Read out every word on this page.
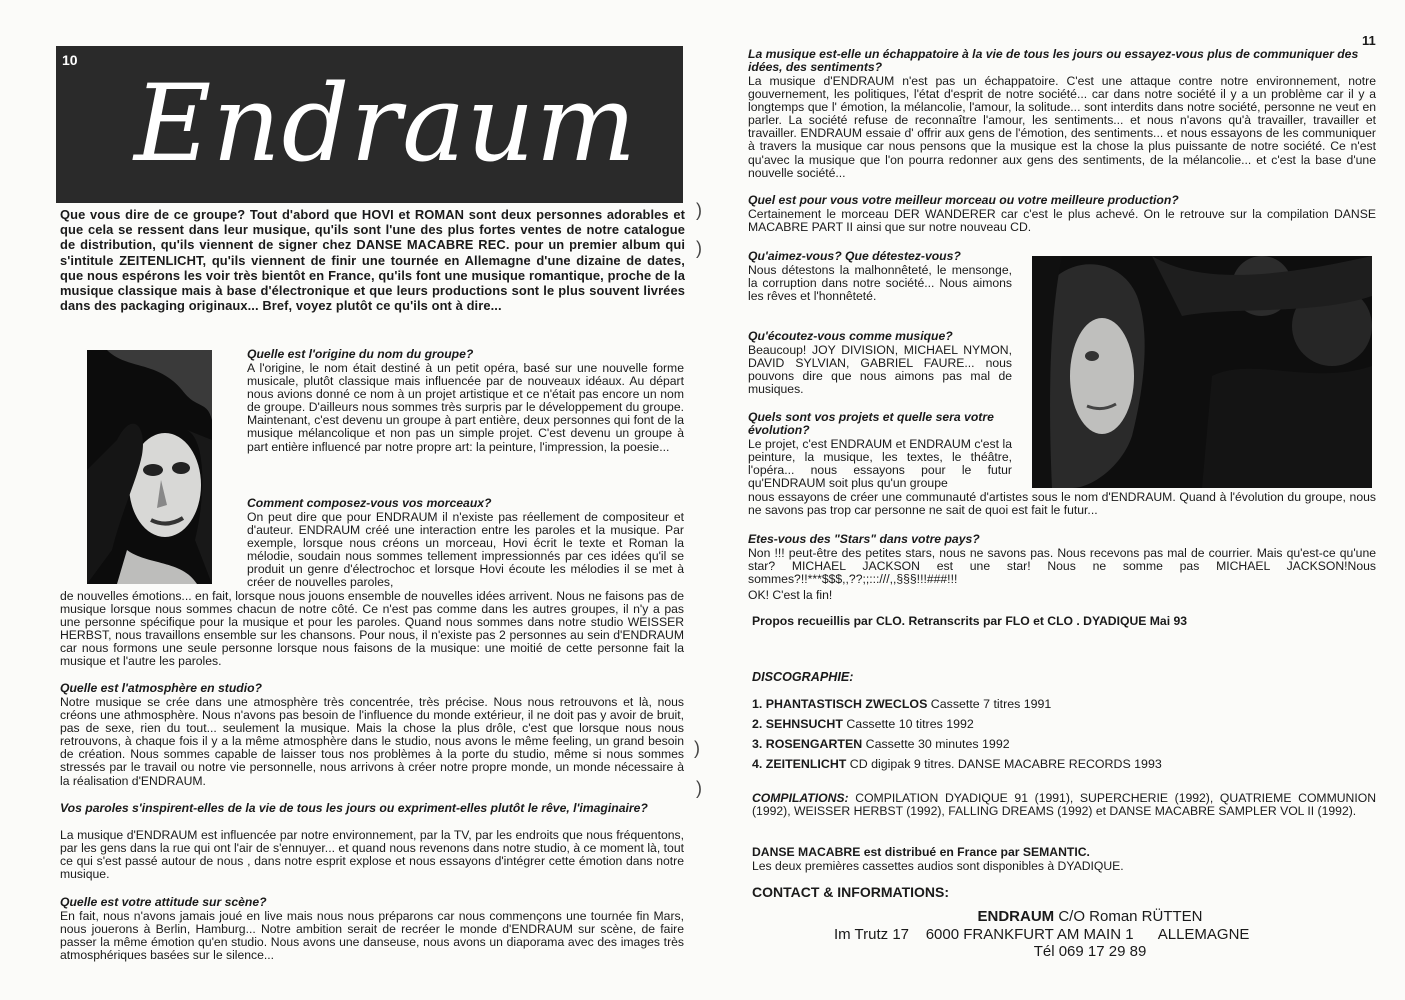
10
Endraum
Que vous dire de ce groupe? Tout d'abord que HOVI et ROMAN sont deux personnes adorables et que cela se ressent dans leur musique, qu'ils sont l'une des plus fortes ventes de notre catalogue de distribution, qu'ils viennent de signer chez DANSE MACABRE REC. pour un premier album qui s'intitule ZEITENLICHT, qu'ils viennent de finir une tournée en Allemagne d'une dizaine de dates, que nous espérons les voir très bientôt en France, qu'ils font une musique romantique, proche de la musique classique mais à base d'électronique et que leurs productions sont le plus souvent livrées dans des packaging originaux... Bref, voyez plutôt ce qu'ils ont à dire...
Quelle est l'origine du nom du groupe?
A l'origine, le nom était destiné à un petit opéra, basé sur une nouvelle forme musicale, plutôt classique mais influencée par de nouveaux idéaux. Au départ nous avions donné ce nom à un projet artistique et ce n'était pas encore un nom de groupe. D'ailleurs nous sommes très surpris par le développement du groupe. Maintenant, c'est devenu un groupe à part entière, deux personnes qui font de la musique mélancolique et non pas un simple projet. C'est devenu un groupe à part entière influencé par notre propre art: la peinture, l'impression, la poesie...
Comment composez-vous vos morceaux?
On peut dire que pour ENDRAUM il n'existe pas réellement de compositeur et d'auteur. ENDRAUM créé une interaction entre les paroles et la musique. Par exemple, lorsque nous créons un morceau, Hovi écrit le texte et Roman la mélodie, soudain nous sommes tellement impressionnés par ces idées qu'il se produit un genre d'électrochoc et lorsque Hovi écoute les mélodies il se met à créer de nouvelles paroles,
de nouvelles émotions... en fait, lorsque nous jouons ensemble de nouvelles idées arrivent. Nous ne faisons pas de musique lorsque nous sommes chacun de notre côté. Ce n'est pas comme dans les autres groupes, il n'y a pas une personne spécifique pour la musique et pour les paroles. Quand nous sommes dans notre studio WEISSER HERBST, nous travaillons ensemble sur les chansons. Pour nous, il n'existe pas 2 personnes au sein d'ENDRAUM car nous formons une seule personne lorsque nous faisons de la musique: une moitié de cette personne fait la musique et l'autre les paroles.
Quelle est l'atmosphère en studio?
Notre musique se crée dans une atmosphère très concentrée, très précise. Nous nous retrouvons et là, nous créons une athmosphère. Nous n'avons pas besoin de l'influence du monde extérieur, il ne doit pas y avoir de bruit, pas de sexe, rien du tout... seulement la musique. Mais la chose la plus drôle, c'est que lorsque nous nous retrouvons, à chaque fois il y a la même atmosphère dans le studio, nous avons le même feeling, un grand besoin de création. Nous sommes capable de laisser tous nos problèmes à la porte du studio, même si nous sommes stressés par le travail ou notre vie personnelle, nous arrivons à créer notre propre monde, un monde nécessaire à la réalisation d'ENDRAUM.
Vos paroles s'inspirent-elles de la vie de tous les jours ou expriment-elles plutôt le rêve, l'imaginaire?
La musique d'ENDRAUM est influencée par notre environnement, par la TV, par les endroits que nous fréquentons, par les gens dans la rue qui ont l'air de s'ennuyer... et quand nous revenons dans notre studio, à ce moment là, tout ce qui s'est passé autour de nous , dans notre esprit explose et nous essayons d'intégrer cette émotion dans notre musique.
Quelle est votre attitude sur scène?
En fait, nous n'avons jamais joué en live mais nous nous préparons car nous commençons une tournée fin Mars, nous jouerons à Berlin, Hamburg... Notre ambition serait de recréer le monde d'ENDRAUM sur scène, de faire passer la même émotion qu'en studio. Nous avons une danseuse, nous avons un diaporama avec des images très atmosphériques basées sur le silence...
)
)
)
)
11
La musique est-elle un échappatoire à la vie de tous les jours ou essayez-vous plus de communiquer des idées, des sentiments?
La musique d'ENDRAUM n'est pas un échappatoire. C'est une attaque contre notre environnement, notre gouvernement, les politiques, l'état d'esprit de notre société... car dans notre société il y a un problème car il y a longtemps que l' émotion, la mélancolie, l'amour, la solitude... sont interdits dans notre société, personne ne veut en parler. La société refuse de reconnaître l'amour, les sentiments... et nous n'avons qu'à travailler, travailler et travailler. ENDRAUM essaie d' offrir aux gens de l'émotion, des sentiments... et nous essayons de les communiquer à travers la musique car nous pensons que la musique est la chose la plus puissante de notre société. Ce n'est qu'avec la musique que l'on pourra redonner aux gens des sentiments, de la mélancolie... et c'est la base d'une nouvelle société...
Quel est pour vous votre meilleur morceau ou votre meilleure production?
Certainement le morceau DER WANDERER car c'est le plus achevé. On le retrouve sur la compilation DANSE MACABRE PART II ainsi que sur notre nouveau CD.
Qu'aimez-vous? Que détestez-vous?
Nous détestons la malhonnêteté, le mensonge, la corruption dans notre société... Nous aimons les rêves et l'honnêteté.
Qu'écoutez-vous comme musique?
Beaucoup! JOY DIVISION, MICHAEL NYMON, DAVID SYLVIAN, GABRIEL FAURE... nous pouvons dire que nous aimons pas mal de musiques.
Quels sont vos projets et quelle sera votre évolution?
Le projet, c'est ENDRAUM et ENDRAUM c'est la peinture, la musique, les textes, le théâtre, l'opéra... nous essayons pour le futur qu'ENDRAUM soit plus qu'un groupe
nous essayons de créer une communauté d'artistes sous le nom d'ENDRAUM. Quand à l'évolution du groupe, nous ne savons pas trop car personne ne sait de quoi est fait le futur...
Etes-vous des "Stars" dans votre pays?
Non !!! peut-être des petites stars, nous ne savons pas. Nous recevons pas mal de courrier. Mais qu'est-ce qu'une star? MICHAEL JACKSON est une star! Nous ne somme pas MICHAEL JACKSON!Nous sommes?!!***$$$,,??;;:::///,,§§§!!!###!!!
OK! C'est la fin!
Propos recueillis par CLO. Retranscrits par FLO et CLO . DYADIQUE Mai 93
DISCOGRAPHIE:
1. PHANTASTISCH ZWECLOS Cassette 7 titres 1991
2. SEHNSUCHT Cassette 10 titres 1992
3. ROSENGARTEN Cassette 30 minutes 1992
4. ZEITENLICHT CD digipak 9 titres. DANSE MACABRE RECORDS 1993
COMPILATIONS: COMPILATION DYADIQUE 91 (1991), SUPERCHERIE (1992), QUATRIEME COMMUNION (1992), WEISSER HERBST (1992), FALLING DREAMS (1992) et DANSE MACABRE SAMPLER VOL II (1992).
DANSE MACABRE est distribué en France par SEMANTIC.
Les deux premières cassettes audios sont disponibles à DYADIQUE.
CONTACT & INFORMATIONS:
ENDRAUM C/O Roman RÜTTEN
Im Trutz 17 6000 FRANKFURT AM MAIN 1 ALLEMAGNE
Tél 069 17 29 89
